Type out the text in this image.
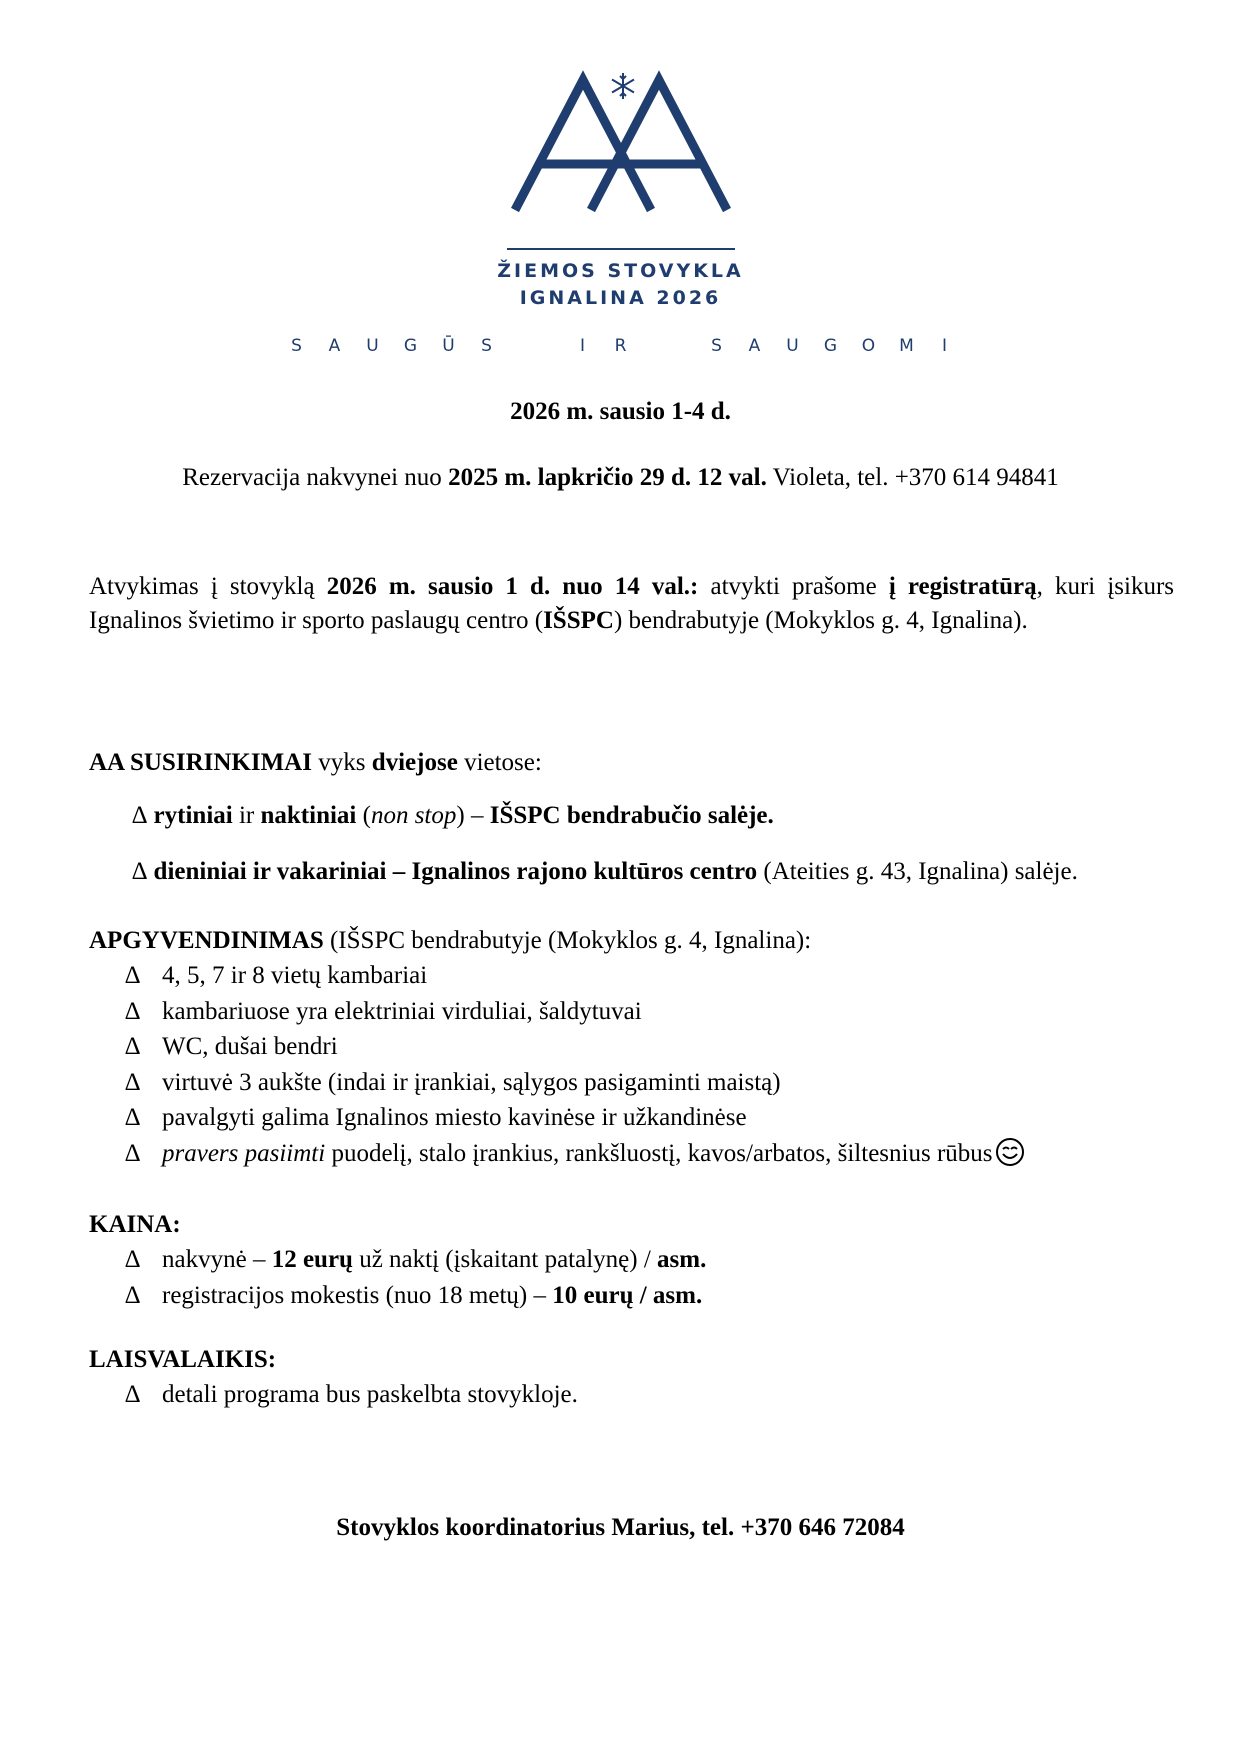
ŽIEMOS STOVYKLA
IGNALINA 2026
S A U G Ū S	I R	S A U G O M I
2026 m. sausio 1-4 d.
Rezervacija nakvynei nuo 2025 m. lapkričio 29 d. 12 val. Violeta, tel. +370 614 94841
Atvykimas į stovyklą 2026 m. sausio 1 d. nuo 14 val.: atvykti prašome į registratūrą, kuri įsikurs Ignalinos švietimo ir sporto paslaugų centro (IŠSPC) bendrabutyje (Mokyklos g. 4, Ignalina).
AA SUSIRINKIMAI vyks dviejose vietose:
∆ rytiniai ir naktiniai (non stop) – IŠSPC bendrabučio salėje.
∆ dieniniai ir vakariniai – Ignalinos rajono kultūros centro (Ateities g. 43, Ignalina) salėje.
APGYVENDINIMAS (IŠSPC bendrabutyje (Mokyklos g. 4, Ignalina):
∆ 4, 5, 7 ir 8 vietų kambariai
∆ kambariuose yra elektriniai virduliai, šaldytuvai
∆ WC, dušai bendri
∆ virtuvė 3 aukšte (indai ir įrankiai, sąlygos pasigaminti maistą)
∆ pavalgyti galima Ignalinos miesto kavinėse ir užkandinėse
∆ pravers pasiimti puodelį, stalo įrankius, rankšluostį, kavos/arbatos, šiltesnius rūbus
KAINA:
∆ nakvynė – 12 eurų už naktį (įskaitant patalynę) / asm.
∆ registracijos mokestis (nuo 18 metų) – 10 eurų / asm.
LAISVALAIKIS:
∆ detali programa bus paskelbta stovykloje.
Stovyklos koordinatorius Marius, tel. +370 646 72084
